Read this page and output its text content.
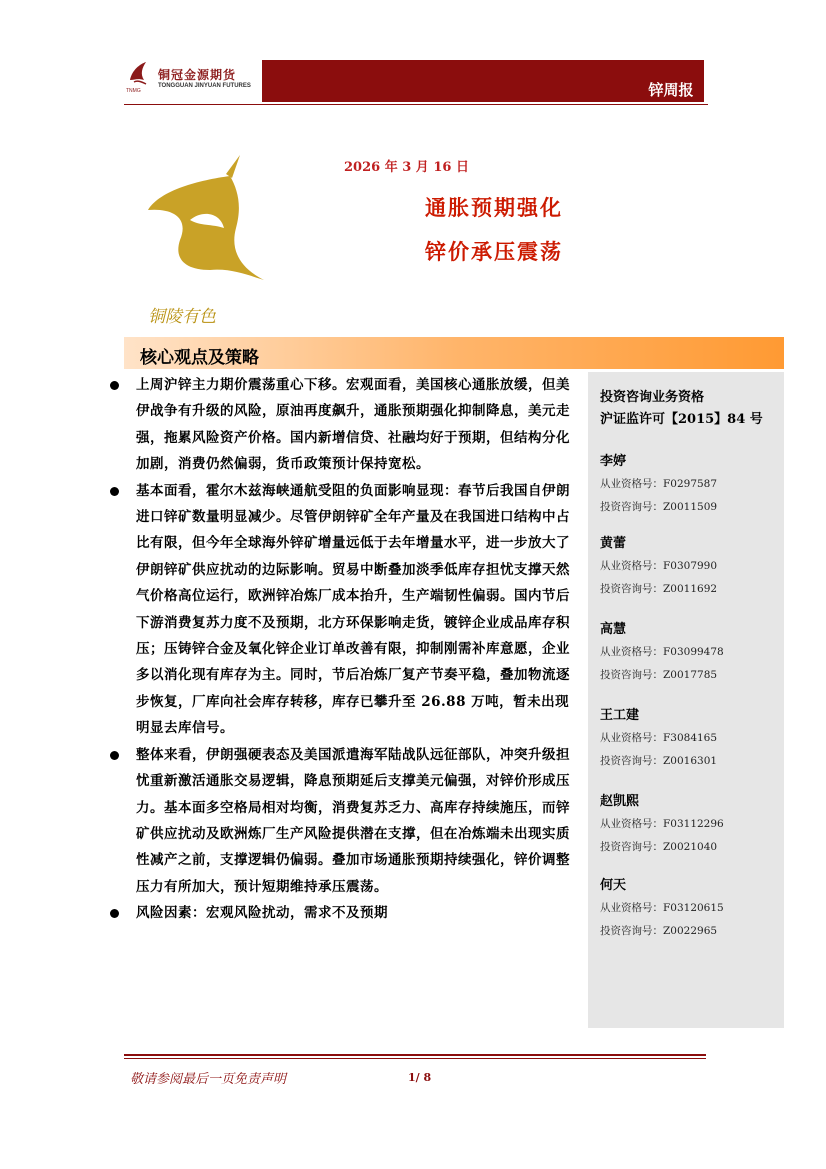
铜冠金源期货
TONGGUAN JINYUAN FUTURES
TNMG	锌周报
铜陵有色
2026 年 3 月 16 日
通胀预期强化
锌价承压震荡
核心观点及策略

上周沪锌主力期价震荡重心下移。宏观面看，美国核心通胀放缓，但美伊战争有升级的风险，原油再度飙升，通胀预期强化抑制降息，美元走强，拖累风险资产价格。国内新增信贷、社融均好于预期，但结构分化加剧，消费仍然偏弱，货币政策预计保持宽松。

基本面看，霍尔木兹海峡通航受阻的负面影响显现：春节后我国自伊朗进口锌矿数量明显减少。尽管伊朗锌矿全年产量及在我国进口结构中占比有限，但今年全球海外锌矿增量远低于去年增量水平，进一步放大了伊朗锌矿供应扰动的边际影响。贸易中断叠加淡季低库存担忧支撑天然气价格高位运行，欧洲锌冶炼厂成本抬升，生产端韧性偏弱。国内节后下游消费复苏力度不及预期，北方环保影响走货，镀锌企业成品库存积压；压铸锌合金及氧化锌企业订单改善有限，抑制刚需补库意愿，企业多以消化现有库存为主。同时，节后冶炼厂复产节奏平稳，叠加物流逐步恢复，厂库向社会库存转移，库存已攀升至 26.88 万吨，暂未出现明显去库信号。

整体来看，伊朗强硬表态及美国派遣海军陆战队远征部队，冲突升级担忧重新激活通胀交易逻辑，降息预期延后支撑美元偏强，对锌价形成压力。基本面多空格局相对均衡，消费复苏乏力、高库存持续施压，而锌矿供应扰动及欧洲炼厂生产风险提供潜在支撑，但在冶炼端未出现实质性减产之前，支撑逻辑仍偏弱。叠加市场通胀预期持续强化，锌价调整压力有所加大，预计短期维持承压震荡。

风险因素：宏观风险扰动，需求不及预期

投资咨询业务资格
沪证监许可【2015】84 号
李婷
从业资格号：F0297587
投资咨询号：Z0011509
黄蕾
从业资格号：F0307990
投资咨询号：Z0011692
高慧
从业资格号：F03099478
投资咨询号：Z0017785
王工建
从业资格号：F3084165
投资咨询号：Z0016301
赵凯熙
从业资格号：F03112296
投资咨询号：Z0021040
何天
从业资格号：F03120615
投资咨询号：Z0022965
敬请参阅最后一页免责声明	1/ 8
